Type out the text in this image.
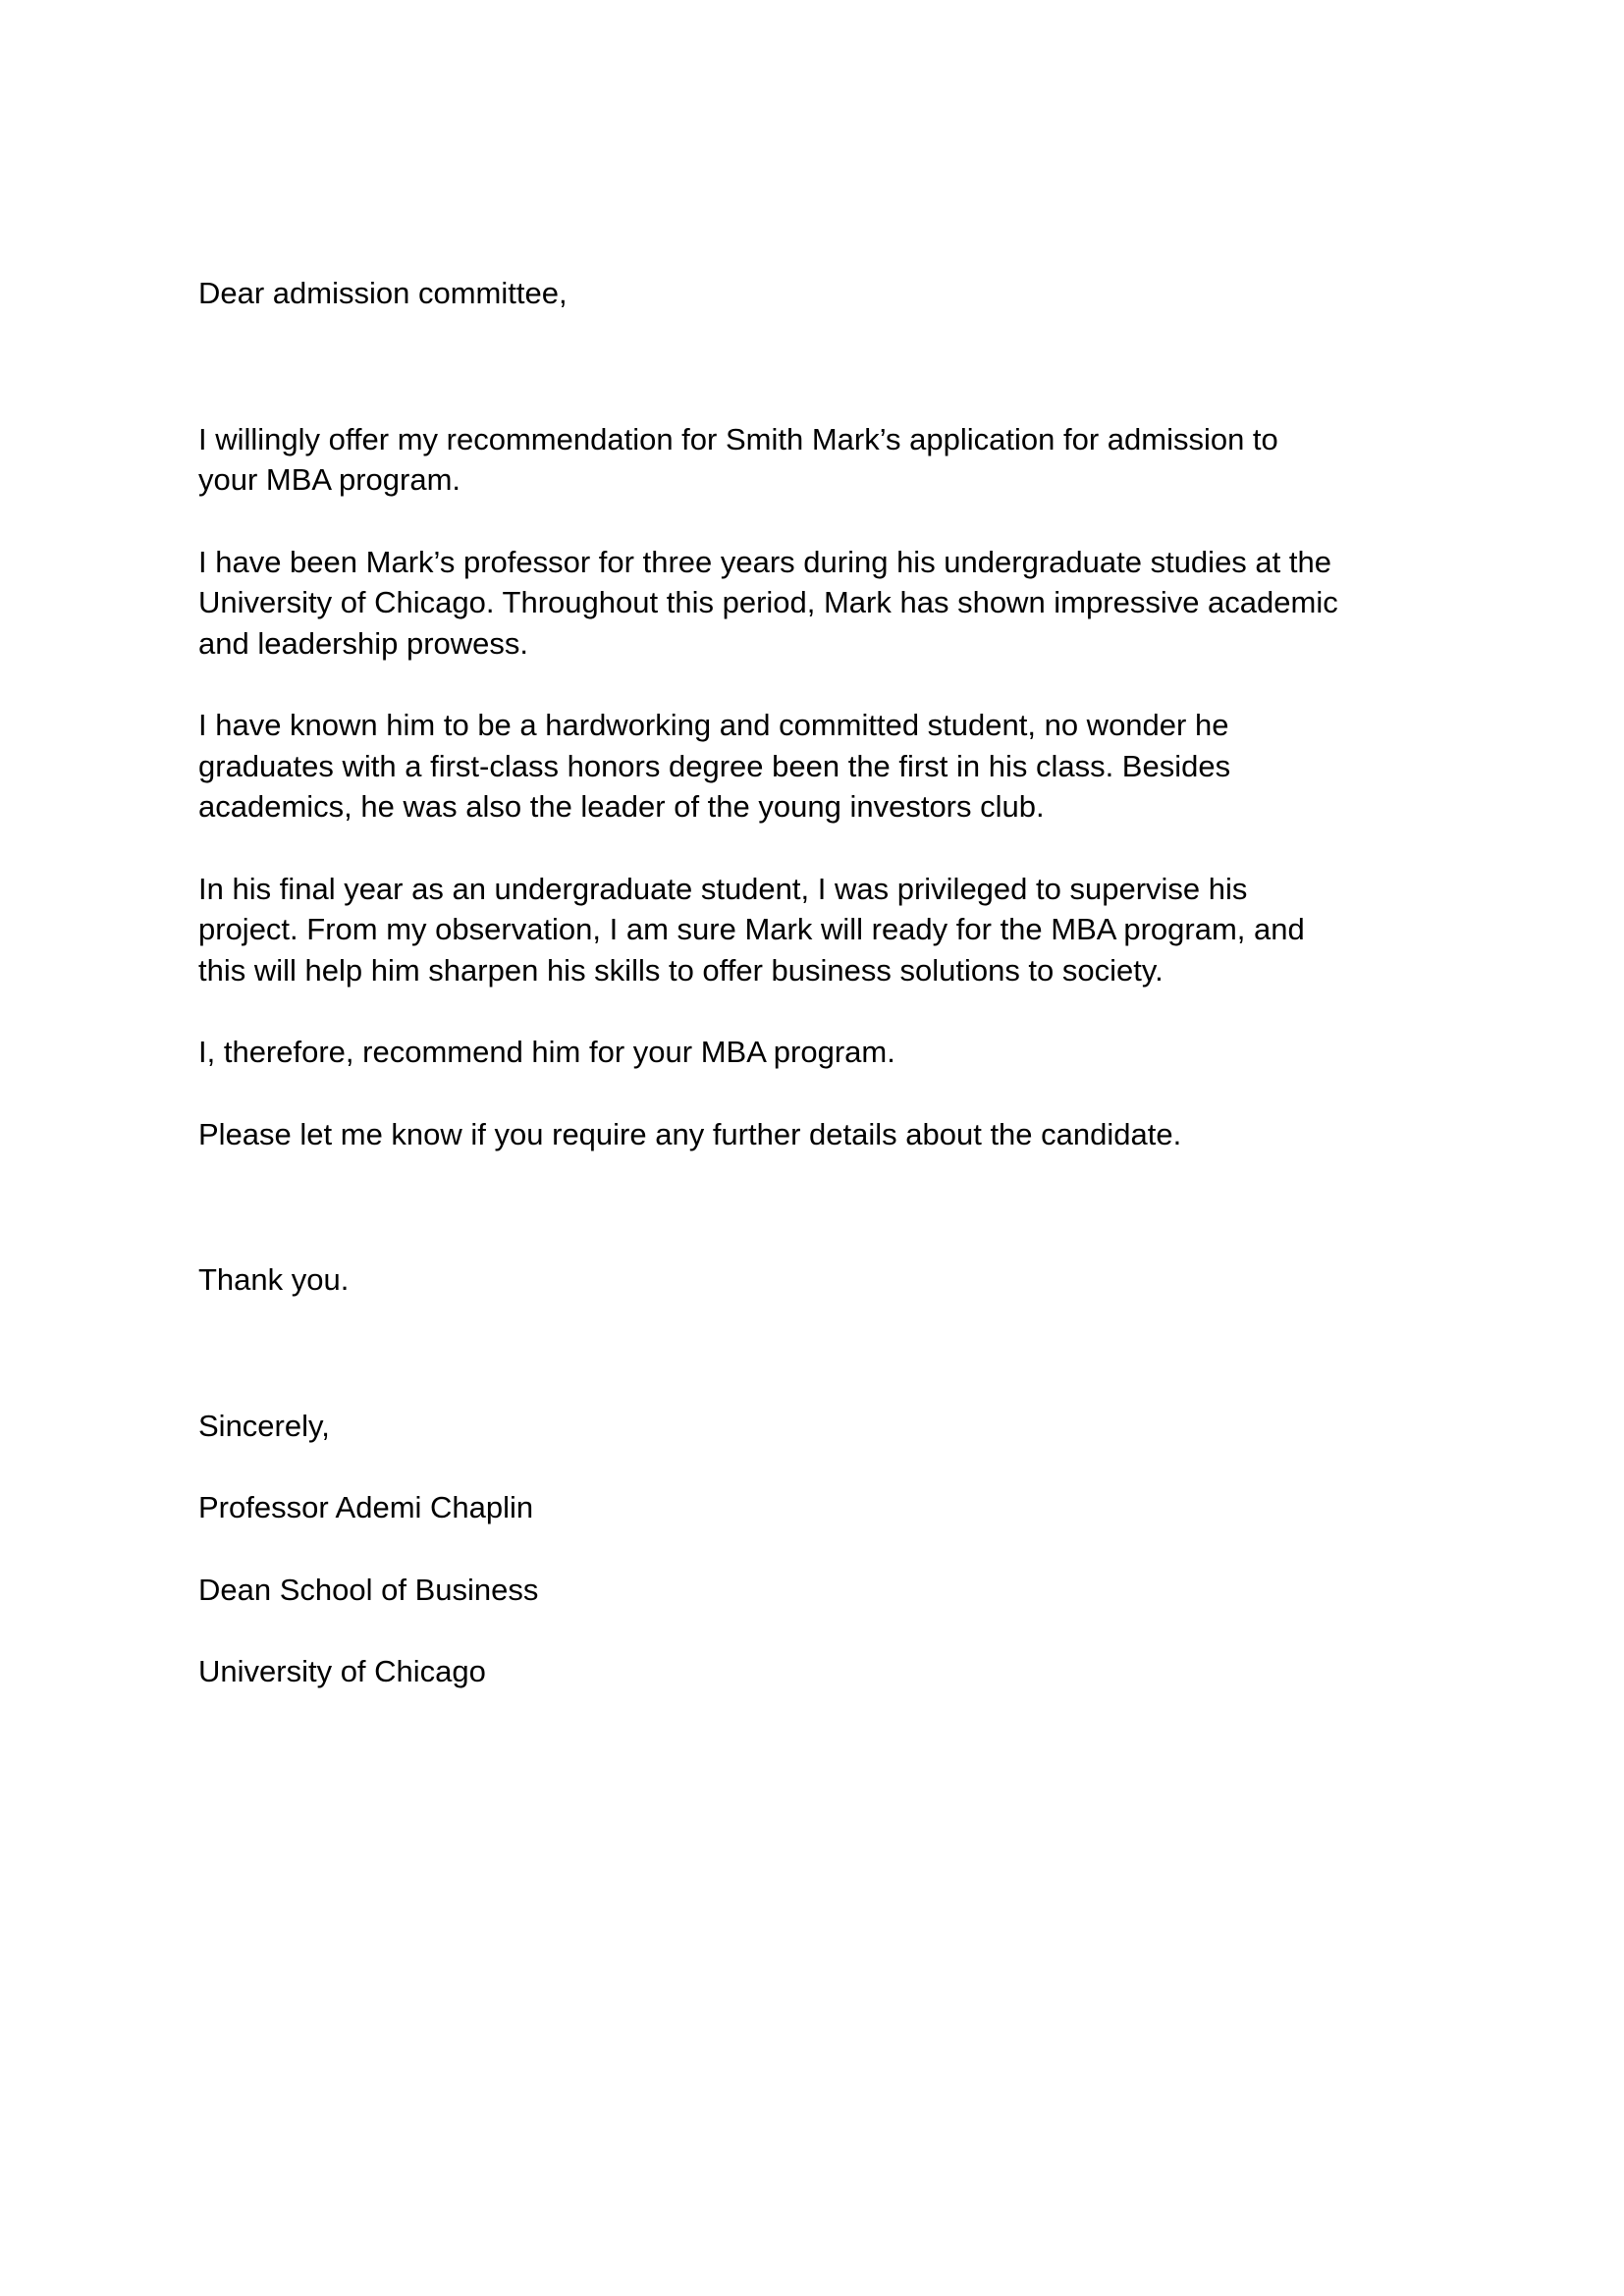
Dear admission committee,

I willingly offer my recommendation for Smith Mark’s application for admission to
your MBA program.

I have been Mark’s professor for three years during his undergraduate studies at the
University of Chicago. Throughout this period, Mark has shown impressive academic
and leadership prowess.

I have known him to be a hardworking and committed student, no wonder he
graduates with a first-class honors degree been the first in his class. Besides
academics, he was also the leader of the young investors club.

In his final year as an undergraduate student, I was privileged to supervise his
project. From my observation, I am sure Mark will ready for the MBA program, and
this will help him sharpen his skills to offer business solutions to society.

I, therefore, recommend him for your MBA program.

Please let me know if you require any further details about the candidate.

Thank you.

Sincerely,

Professor Ademi Chaplin

Dean School of Business

University of Chicago
